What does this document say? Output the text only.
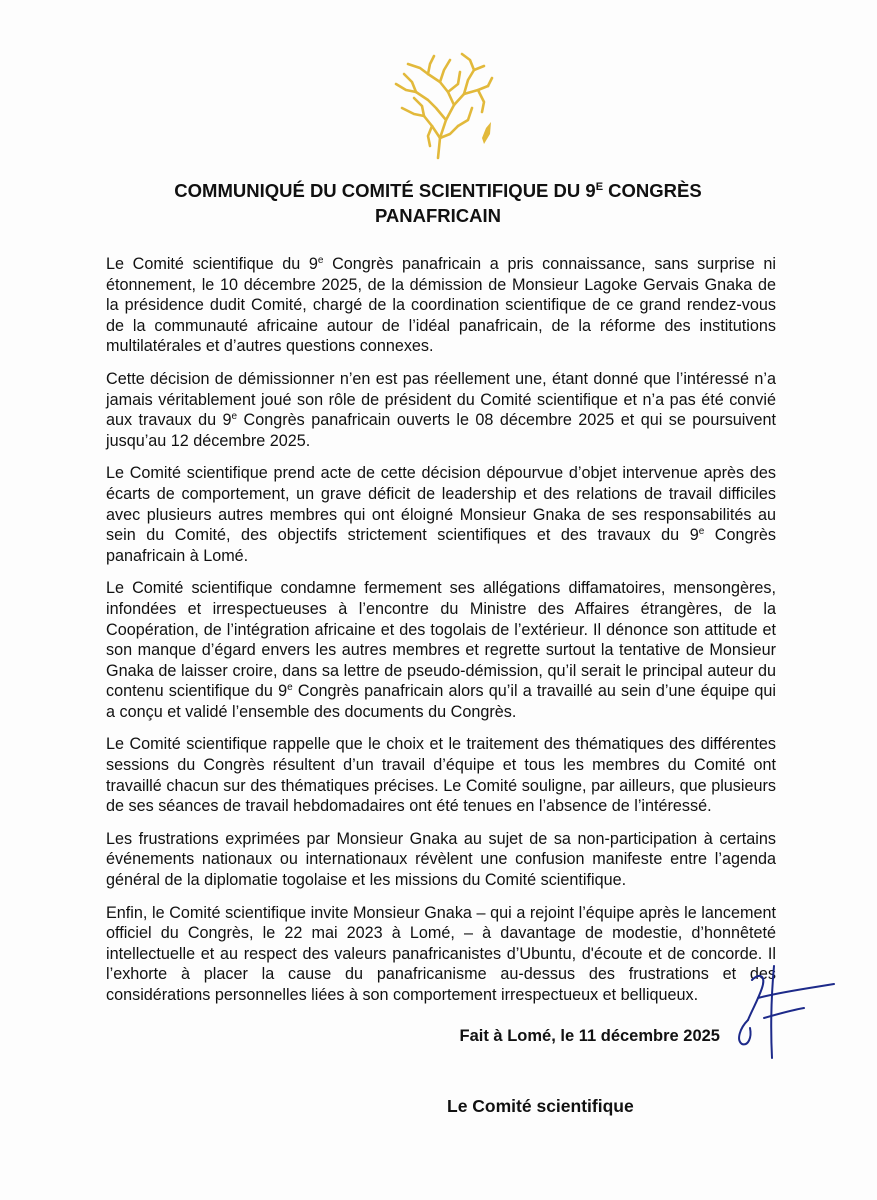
COMMUNIQUÉ DU COMITÉ SCIENTIFIQUE DU $9^E$ CONGRÈS
PANAFRICAIN

Le Comité scientifique du 9e Congrès panafricain a pris connaissance, sans surprise ni étonnement, le 10 décembre 2025, de la démission de Monsieur Lagoke Gervais Gnaka de la présidence dudit Comité, chargé de la coordination scientifique de ce grand rendez-vous de la communauté africaine autour de l’idéal panafricain, de la réforme des institutions multilatérales et d’autres questions connexes.

Cette décision de démissionner n’en est pas réellement une, étant donné que l’intéressé n’a jamais véritablement joué son rôle de président du Comité scientifique et n’a pas été convié aux travaux du 9e Congrès panafricain ouverts le 08 décembre 2025 et qui se poursuivent jusqu’au 12 décembre 2025.

Le Comité scientifique prend acte de cette décision dépourvue d’objet intervenue après des écarts de comportement, un grave déficit de leadership et des relations de travail difficiles avec plusieurs autres membres qui ont éloigné Monsieur Gnaka de ses responsabilités au sein du Comité, des objectifs strictement scientifiques et des travaux du 9e Congrès panafricain à Lomé.

Le Comité scientifique condamne fermement ses allégations diffamatoires, mensongères, infondées et irrespectueuses à l’encontre du Ministre des Affaires étrangères, de la Coopération, de l’intégration africaine et des togolais de l’extérieur. Il dénonce son attitude et son manque d’égard envers les autres membres et regrette surtout la tentative de Monsieur Gnaka de laisser croire, dans sa lettre de pseudo-démission, qu’il serait le principal auteur du contenu scientifique du 9e Congrès panafricain alors qu’il a travaillé au sein d’une équipe qui a conçu et validé l’ensemble des documents du Congrès.

Le Comité scientifique rappelle que le choix et le traitement des thématiques des différentes sessions du Congrès résultent d’un travail d’équipe et tous les membres du Comité ont travaillé chacun sur des thématiques précises. Le Comité souligne, par ailleurs, que plusieurs de ses séances de travail hebdomadaires ont été tenues en l’absence de l’intéressé.

Les frustrations exprimées par Monsieur Gnaka au sujet de sa non-participation à certains événements nationaux ou internationaux révèlent une confusion manifeste entre l’agenda général de la diplomatie togolaise et les missions du Comité scientifique.

Enfin, le Comité scientifique invite Monsieur Gnaka – qui a rejoint l’équipe après le lancement officiel du Congrès, le 22 mai 2023 à Lomé, – à davantage de modestie, d’honnêteté intellectuelle et au respect des valeurs panafricanistes d’Ubuntu, d'écoute et de concorde. Il l’exhorte à placer la cause du panafricanisme au-dessus des frustrations et des considérations personnelles liées à son comportement irrespectueux et belliqueux.

Fait à Lomé, le 11 décembre 2025
Le Comité scientifique
